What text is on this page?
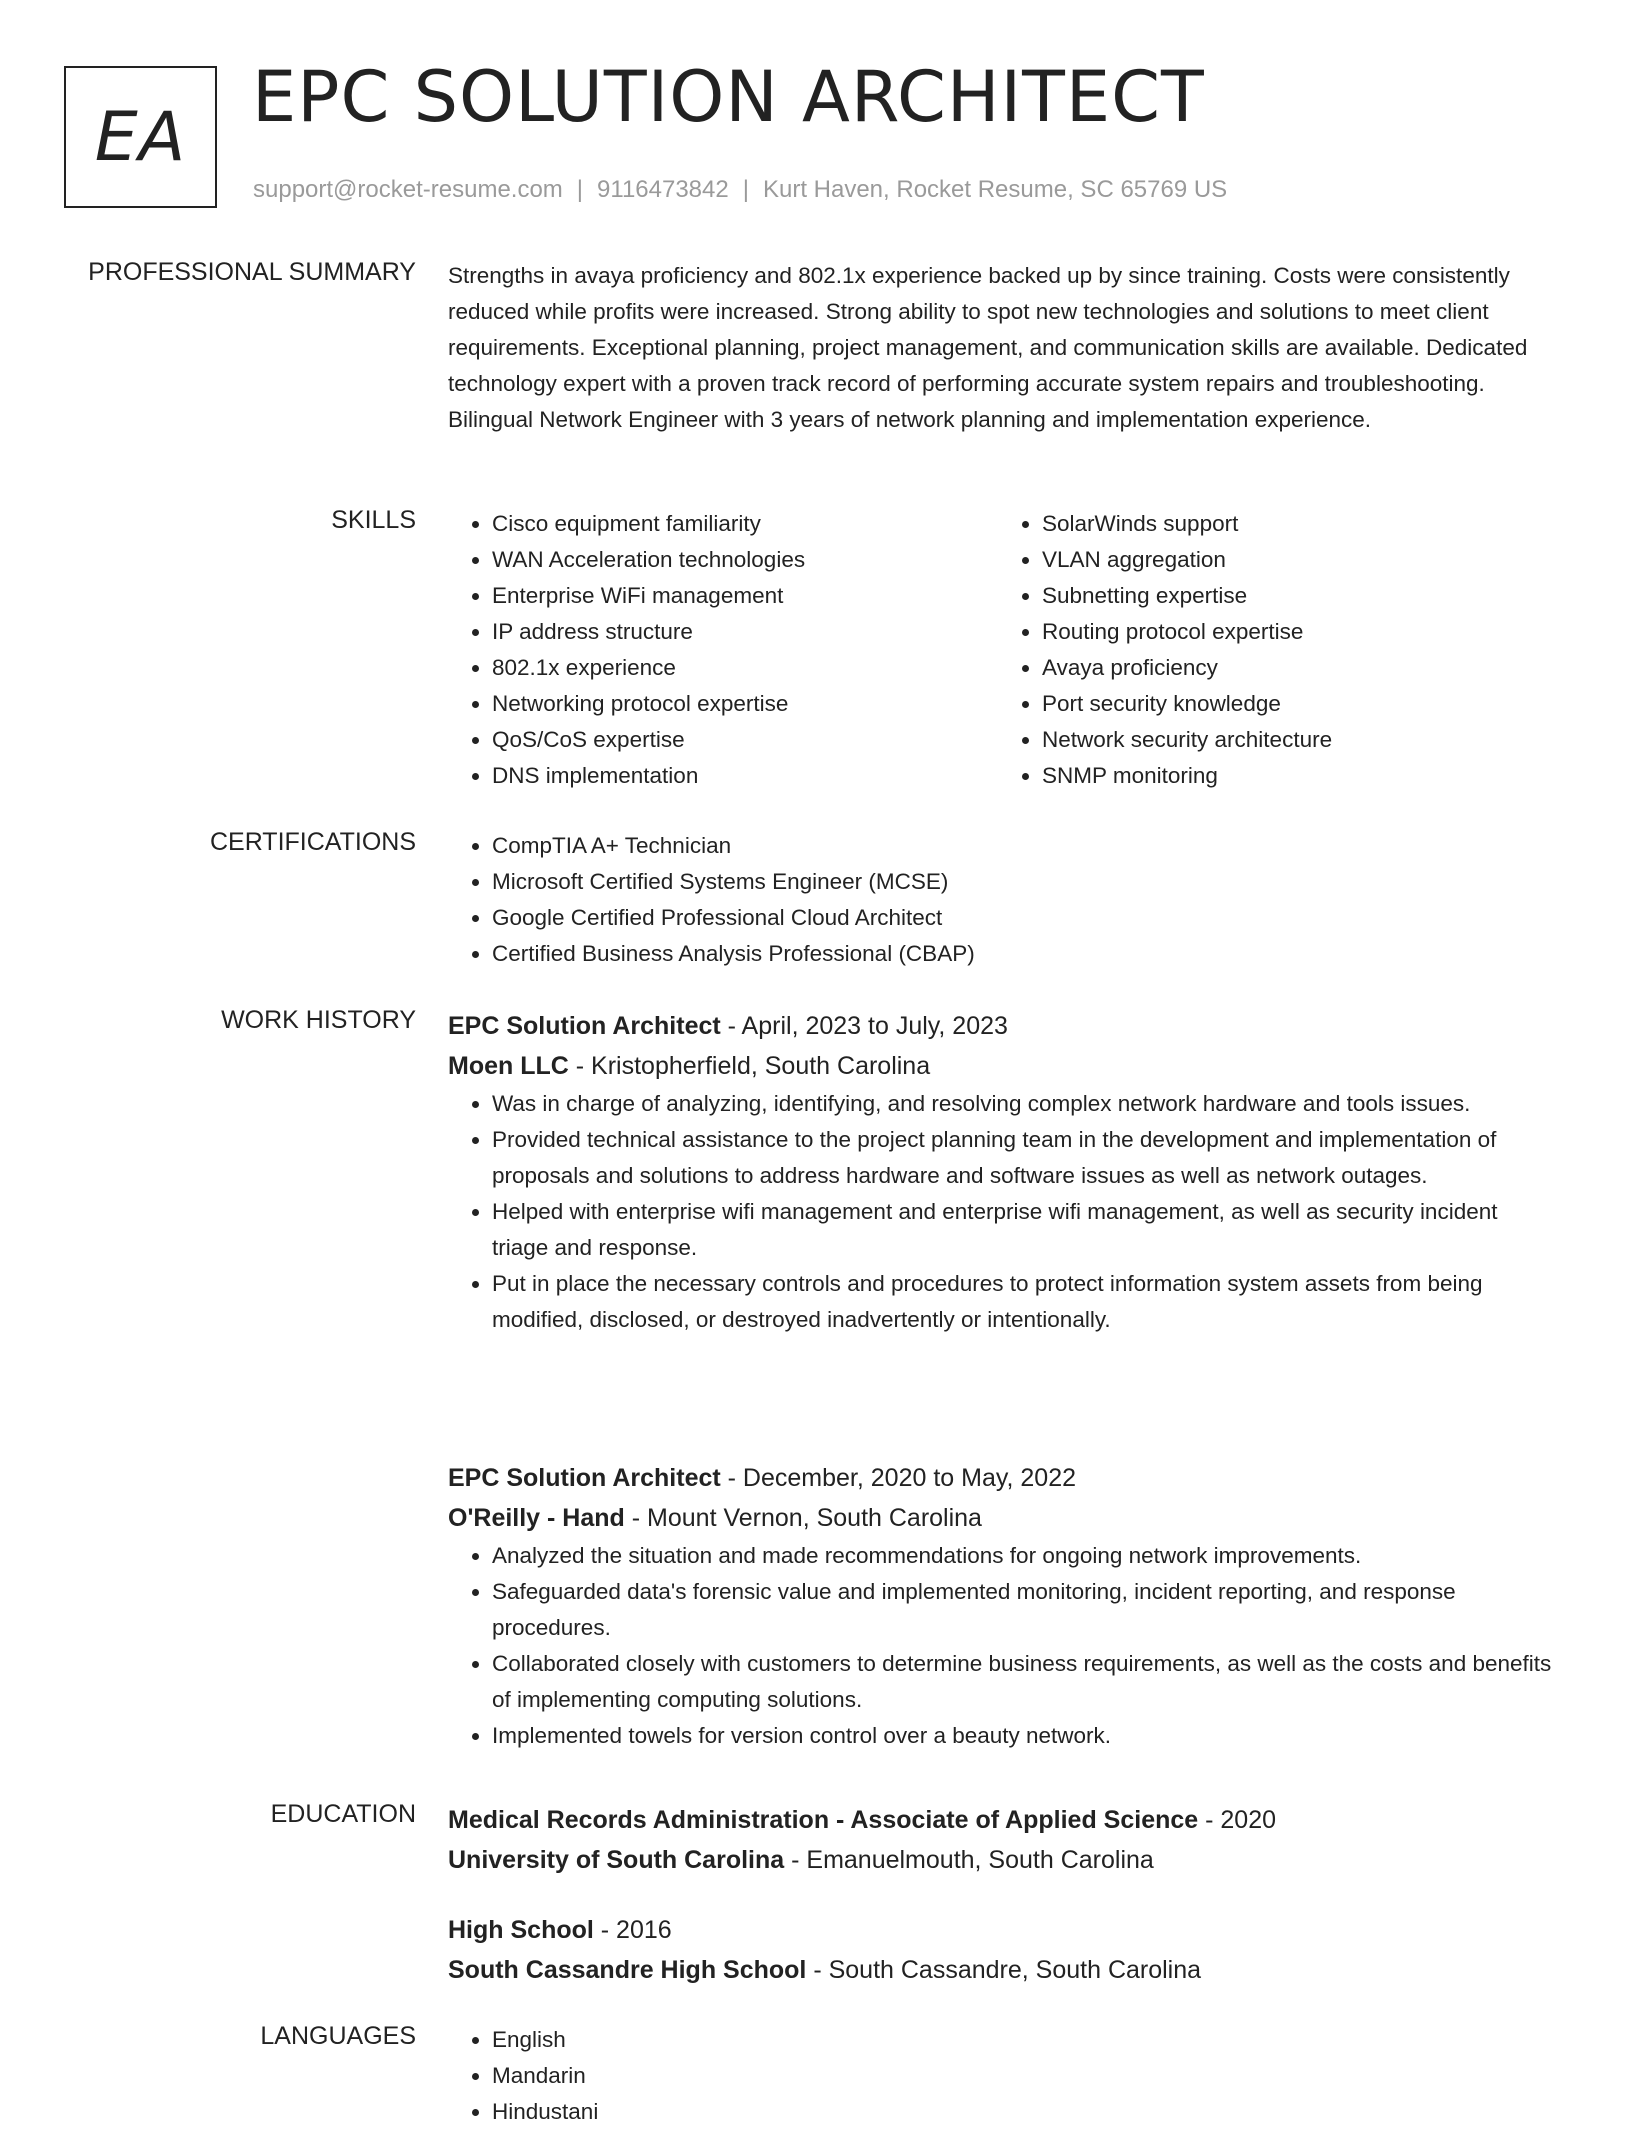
EA EPC SOLUTION ARCHITECT
support@rocket-resume.com | 9116473842 | Kurt Haven, Rocket Resume, SC 65769 US
PROFESSIONAL SUMMARY Strengths in avaya proficiency and 802.1x experience backed up by since training. Costs were consistently reduced while profits were increased. Strong ability to spot new technologies and solutions to meet client requirements. Exceptional planning, project management, and communication skills are available. Dedicated technology expert with a proven track record of performing accurate system repairs and troubleshooting. Bilingual Network Engineer with 3 years of network planning and implementation experience.

SKILLS	• Cisco equipment familiarity
• WAN Acceleration technologies
• Enterprise WiFi management
• IP address structure
• 802.1x experience
• Networking protocol expertise
• QoS/CoS expertise
• DNS implementation
• SolarWinds support
• VLAN aggregation
• Subnetting expertise
• Routing protocol expertise
• Avaya proficiency
• Port security knowledge
• Network security architecture
• SNMP monitoring
CERTIFICATIONS	• CompTIA A+ Technician
• Microsoft Certified Systems Engineer (MCSE)
• Google Certified Professional Cloud Architect
• Certified Business Analysis Professional (CBAP)
WORK HISTORY EPC Solution Architect - April, 2023 to July, 2023
Moen LLC - Kristopherfield, South Carolina
• Was in charge of analyzing, identifying, and resolving complex network hardware and tools issues.
• Provided technical assistance to the project planning team in the development and implementation of proposals and solutions to address hardware and software issues as well as network outages.
• Helped with enterprise wifi management and enterprise wifi management, as well as security incident triage and response.
• Put in place the necessary controls and procedures to protect information system assets from being modified, disclosed, or destroyed inadvertently or intentionally.
EPC Solution Architect - December, 2020 to May, 2022
O'Reilly - Hand - Mount Vernon, South Carolina
• Analyzed the situation and made recommendations for ongoing network improvements.
• Safeguarded data's forensic value and implemented monitoring, incident reporting, and response procedures.
• Collaborated closely with customers to determine business requirements, as well as the costs and benefits of implementing computing solutions.
• Implemented towels for version control over a beauty network.
EDUCATION Medical Records Administration - Associate of Applied Science - 2020
University of South Carolina - Emanuelmouth, South Carolina
High School - 2016
South Cassandre High School - South Cassandre, South Carolina
LANGUAGES	• English
• Mandarin
• Hindustani
